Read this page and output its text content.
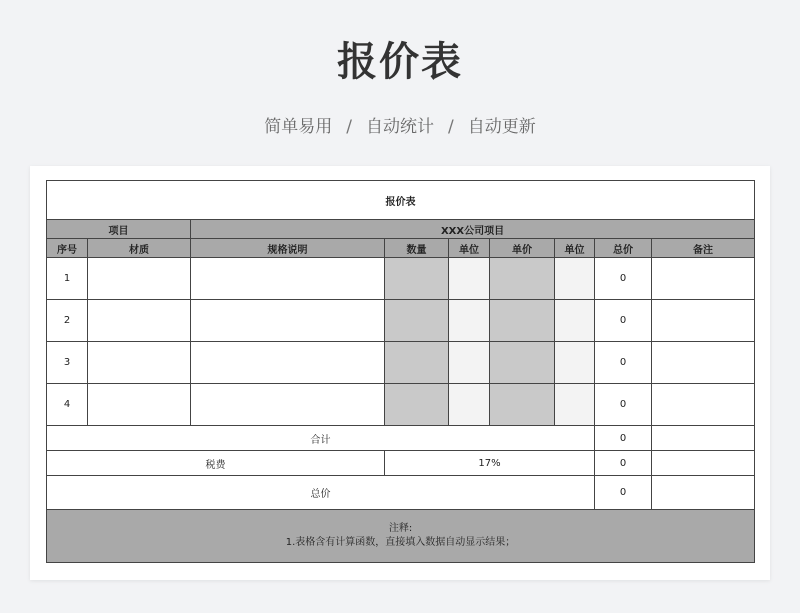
报价表
简单易用 / 自动统计 / 自动更新
报价表								
项目		XXX公司项目						
序号	材质	规格说明	数量	单位	单价	单位	总价	备注
1							0	
2							0	
3							0	
4							0	
合计							0	
税费			17%				0	
总价							0	

注释:
1.表格含有计算函数，直接填入数据自动显示结果；								
